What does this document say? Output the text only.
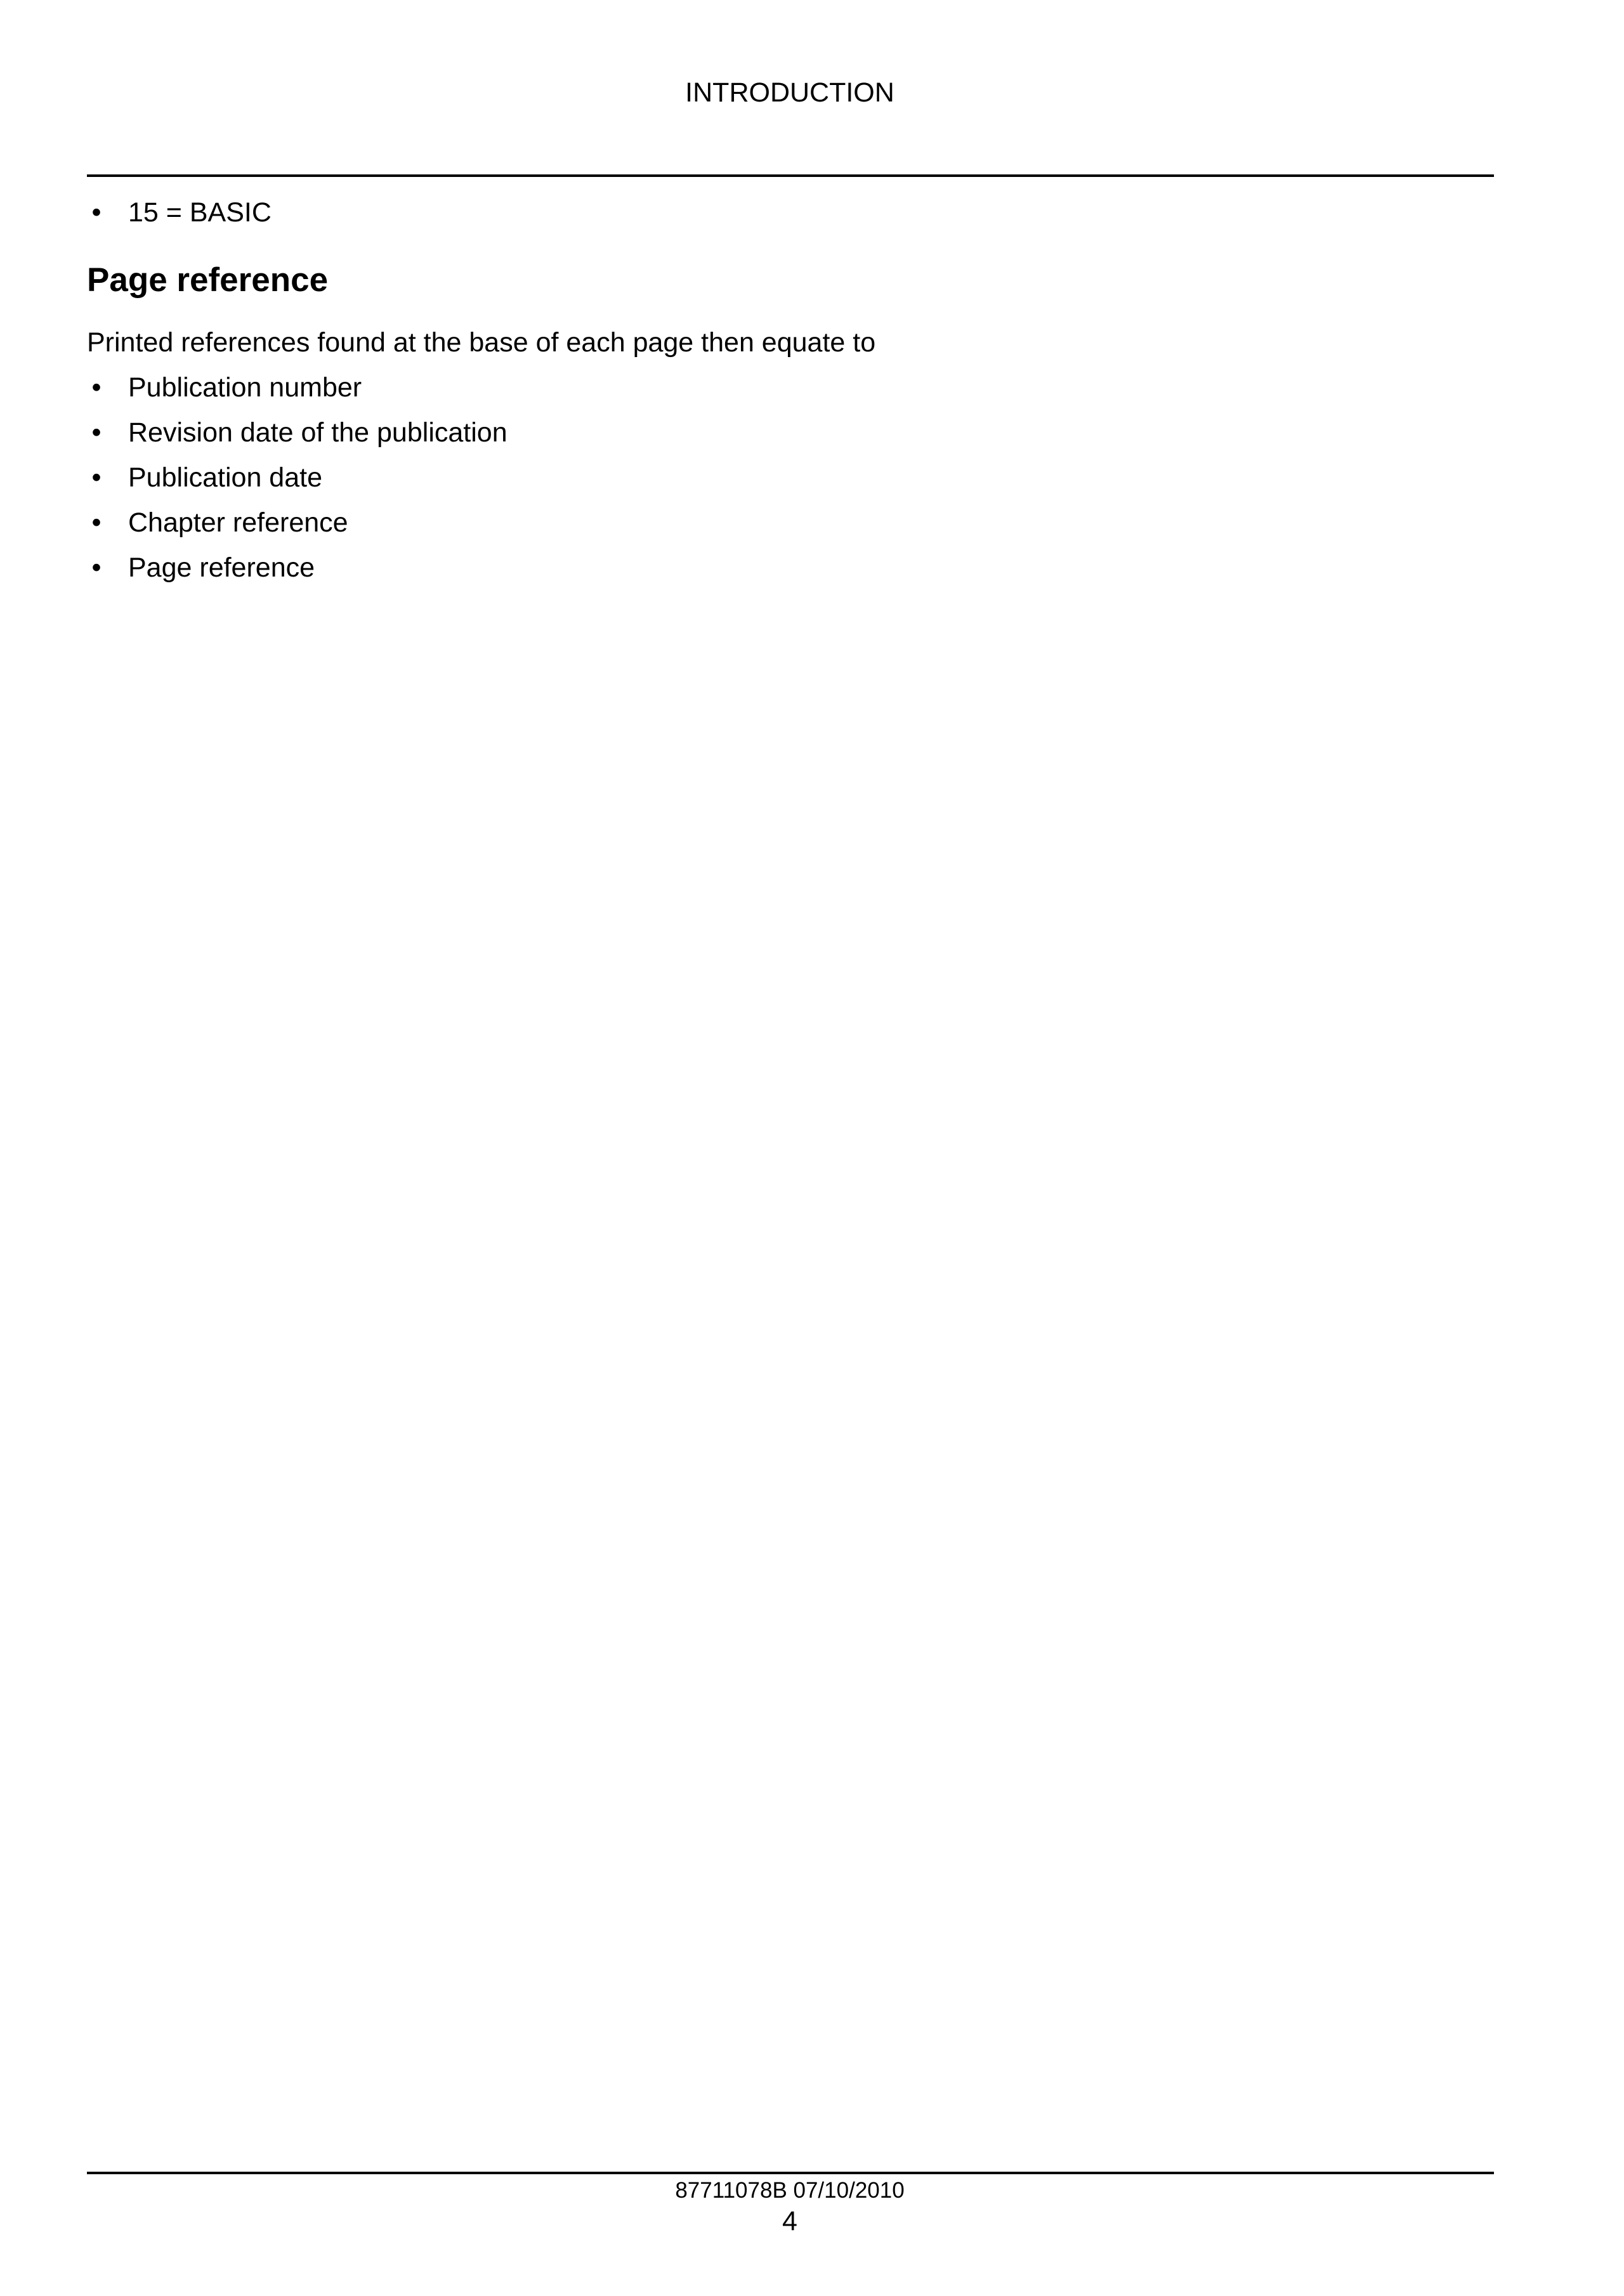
INTRODUCTION
• 15 = BASIC
Page reference

Printed references found at the base of each page then equate to

• Publication number
• Revision date of the publication
• Publication date
• Chapter reference
• Page reference
87711078B 07/10/2010
4
